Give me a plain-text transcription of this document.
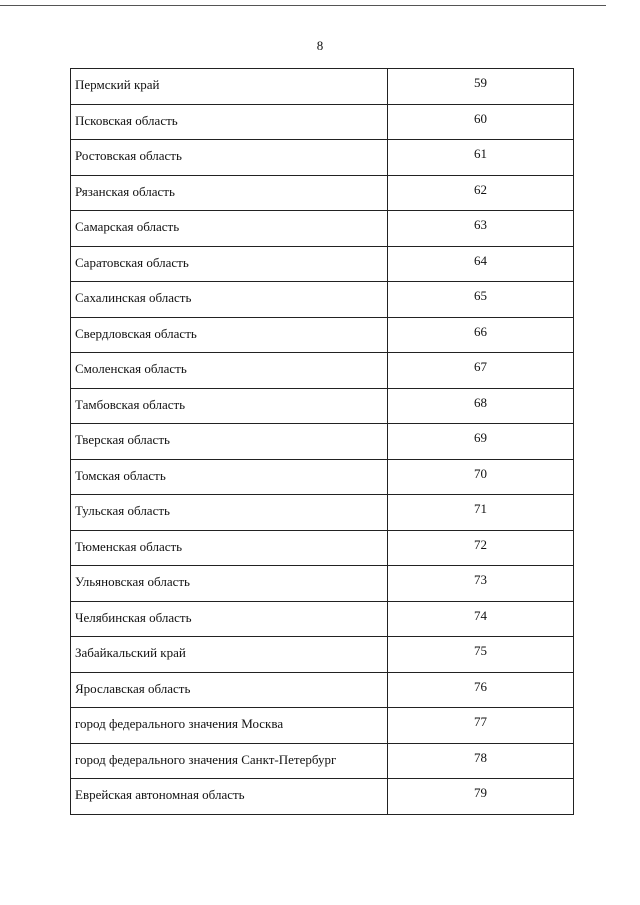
8
Пермский край	59
Псковская область	60
Ростовская область	61
Рязанская область	62
Самарская область	63
Саратовская область	64
Сахалинская область	65
Свердловская область	66
Смоленская область	67
Тамбовская область	68
Тверская область	69
Томская область	70
Тульская область	71
Тюменская область	72
Ульяновская область	73
Челябинская область	74
Забайкальский край	75
Ярославская область	76
город федерального значения Москва	77
город федерального значения Санкт-Петербург	78
Еврейская автономная область	79
